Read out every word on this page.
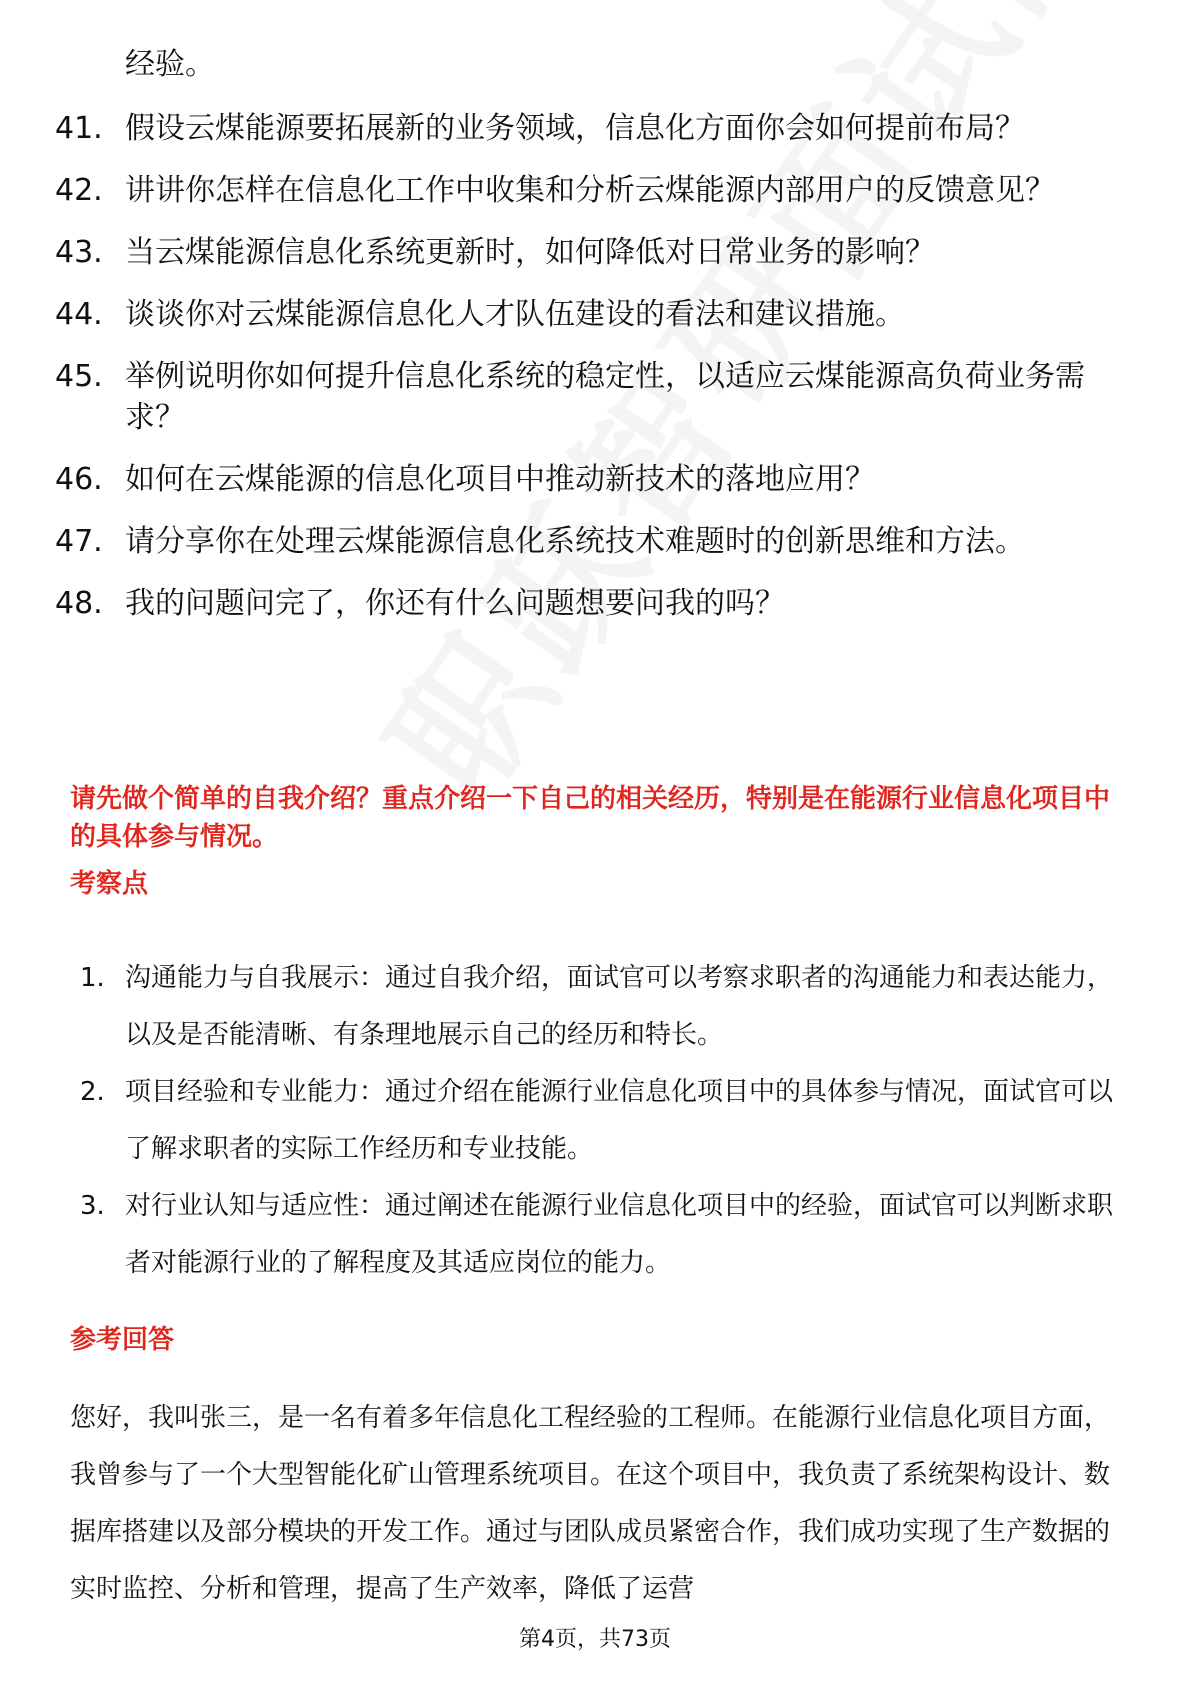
经验。
41. 假设云煤能源要拓展新的业务领域，信息化方面你会如何提前布局？
42. 讲讲你怎样在信息化工作中收集和分析云煤能源内部用户的反馈意见？
43. 当云煤能源信息化系统更新时，如何降低对日常业务的影响？
44. 谈谈你对云煤能源信息化人才队伍建设的看法和建议措施。
45. 举例说明你如何提升信息化系统的稳定性，以适应云煤能源高负荷业务需求？
46. 如何在云煤能源的信息化项目中推动新技术的落地应用？
47. 请分享你在处理云煤能源信息化系统技术难题时的创新思维和方法。
48. 我的问题问完了，你还有什么问题想要问我的吗？
请先做个简单的自我介绍？重点介绍一下自己的相关经历，特别是在能源行业信息化项目中的具体参与情况。
考察点
1. 沟通能力与自我展示：通过自我介绍，面试官可以考察求职者的沟通能力和表达能力，以及是否能清晰、有条理地展示自己的经历和特长。
2. 项目经验和专业能力：通过介绍在能源行业信息化项目中的具体参与情况，面试官可以了解求职者的实际工作经历和专业技能。
3. 对行业认知与适应性：通过阐述在能源行业信息化项目中的经验，面试官可以判断求职者对能源行业的了解程度及其适应岗位的能力。
参考回答
您好，我叫张三，是一名有着多年信息化工程经验的工程师。在能源行业信息化项目方面，我曾参与了一个大型智能化矿山管理系统项目。在这个项目中，我负责了系统架构设计、数据库搭建以及部分模块的开发工作。通过与团队成员紧密合作，我们成功实现了生产数据的实时监控、分析和管理，提高了生产效率，降低了运营
第4页，共73页
